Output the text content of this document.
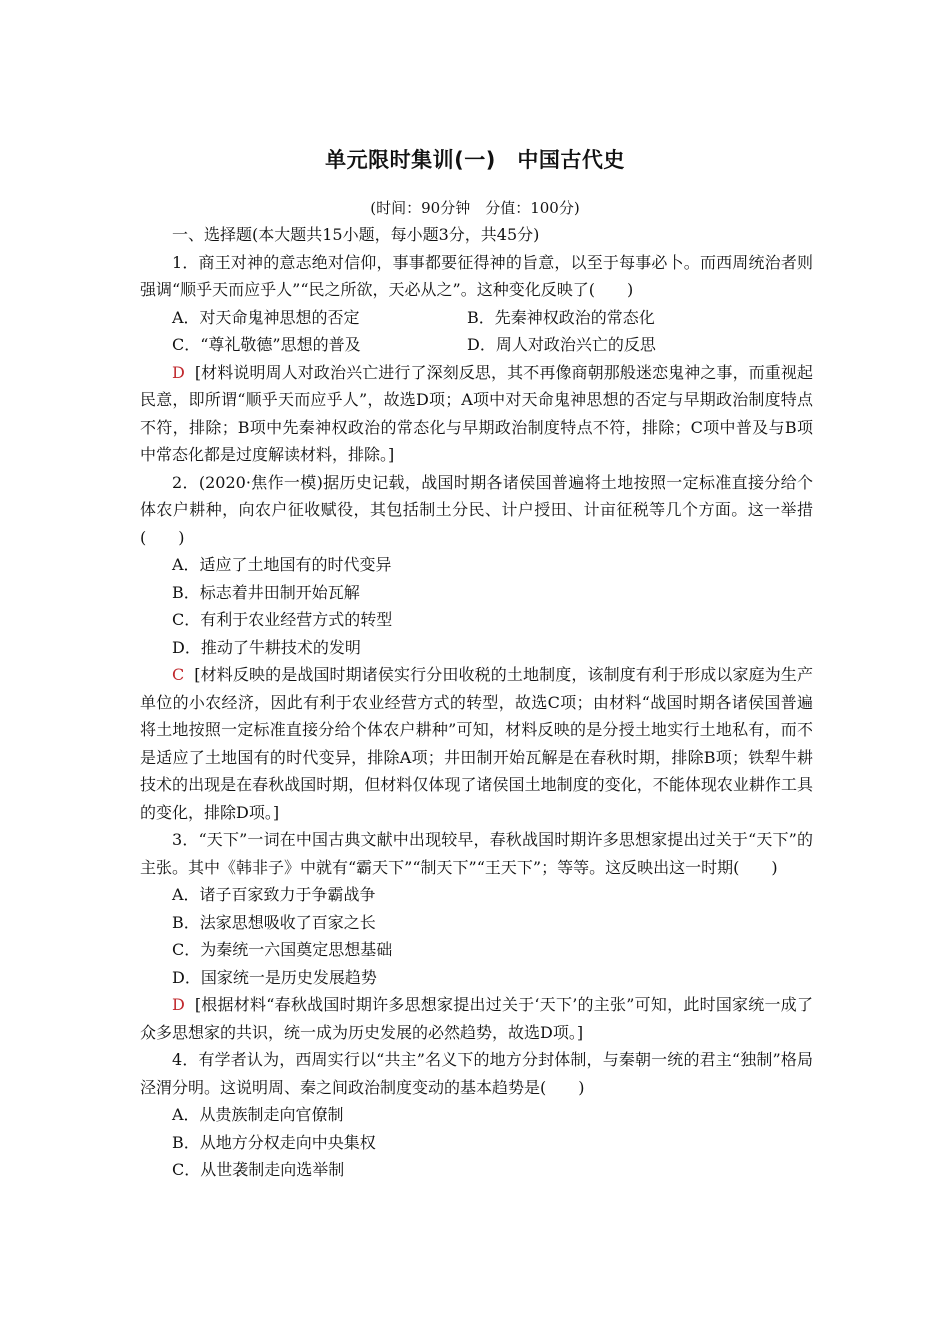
单元限时集训(一)　中国古代史
(时间：90分钟　分值：100分)
一、选择题(本大题共15小题，每小题3分，共45分)
1．商王对神的意志绝对信仰，事事都要征得神的旨意，以至于每事必卜。而西周统治者则强调“顺乎天而应乎人”“民之所欲，天必从之”。这种变化反映了(　　)
A．对天命鬼神思想的否定	B．先秦神权政治的常态化
C．“尊礼敬德”思想的普及	D．周人对政治兴亡的反思
D [材料说明周人对政治兴亡进行了深刻反思，其不再像商朝那般迷恋鬼神之事，而重视起民意，即所谓“顺乎天而应乎人”，故选D项；A项中对天命鬼神思想的否定与早期政治制度特点不符，排除；B项中先秦神权政治的常态化与早期政治制度特点不符，排除；C项中普及与B项中常态化都是过度解读材料，排除。]
2．(2020·焦作一模)据历史记载，战国时期各诸侯国普遍将土地按照一定标准直接分给个体农户耕种，向农户征收赋役，其包括制土分民、计户授田、计亩征税等几个方面。这一举措(　　)
A．适应了土地国有的时代变异
B．标志着井田制开始瓦解
C．有利于农业经营方式的转型
D．推动了牛耕技术的发明
C [材料反映的是战国时期诸侯实行分田收税的土地制度，该制度有利于形成以家庭为生产单位的小农经济，因此有利于农业经营方式的转型，故选C项；由材料“战国时期各诸侯国普遍将土地按照一定标准直接分给个体农户耕种”可知，材料反映的是分授土地实行土地私有，而不是适应了土地国有的时代变异，排除A项；井田制开始瓦解是在春秋时期，排除B项；铁犁牛耕技术的出现是在春秋战国时期，但材料仅体现了诸侯国土地制度的变化，不能体现农业耕作工具的变化，排除D项。]
3．“天下”一词在中国古典文献中出现较早，春秋战国时期许多思想家提出过关于“天下”的主张。其中《韩非子》中就有“霸天下”“制天下”“王天下”；等等。这反映出这一时期(　　)
A．诸子百家致力于争霸战争
B．法家思想吸收了百家之长
C．为秦统一六国奠定思想基础
D．国家统一是历史发展趋势
D [根据材料“春秋战国时期许多思想家提出过关于‘天下’的主张”可知，此时国家统一成了众多思想家的共识，统一成为历史发展的必然趋势，故选D项。]
4．有学者认为，西周实行以“共主”名义下的地方分封体制，与秦朝一统的君主“独制”格局泾渭分明。这说明周、秦之间政治制度变动的基本趋势是(　　)
A．从贵族制走向官僚制
B．从地方分权走向中央集权
C．从世袭制走向选举制
